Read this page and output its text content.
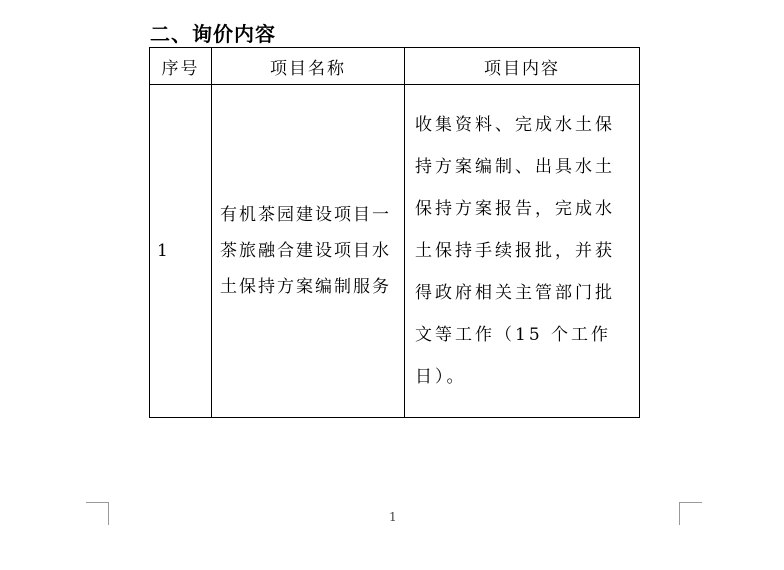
二、询价内容
序号	项目名称	项目内容
1	有机茶园建设项目一茶旅融合建设项目水土保持方案编制服务	收集资料、完成水土保持方案编制、出具水土保持方案报告，完成水土保持手续报批，并获得政府相关主管部门批文等工作（15 个工作日）。
1
